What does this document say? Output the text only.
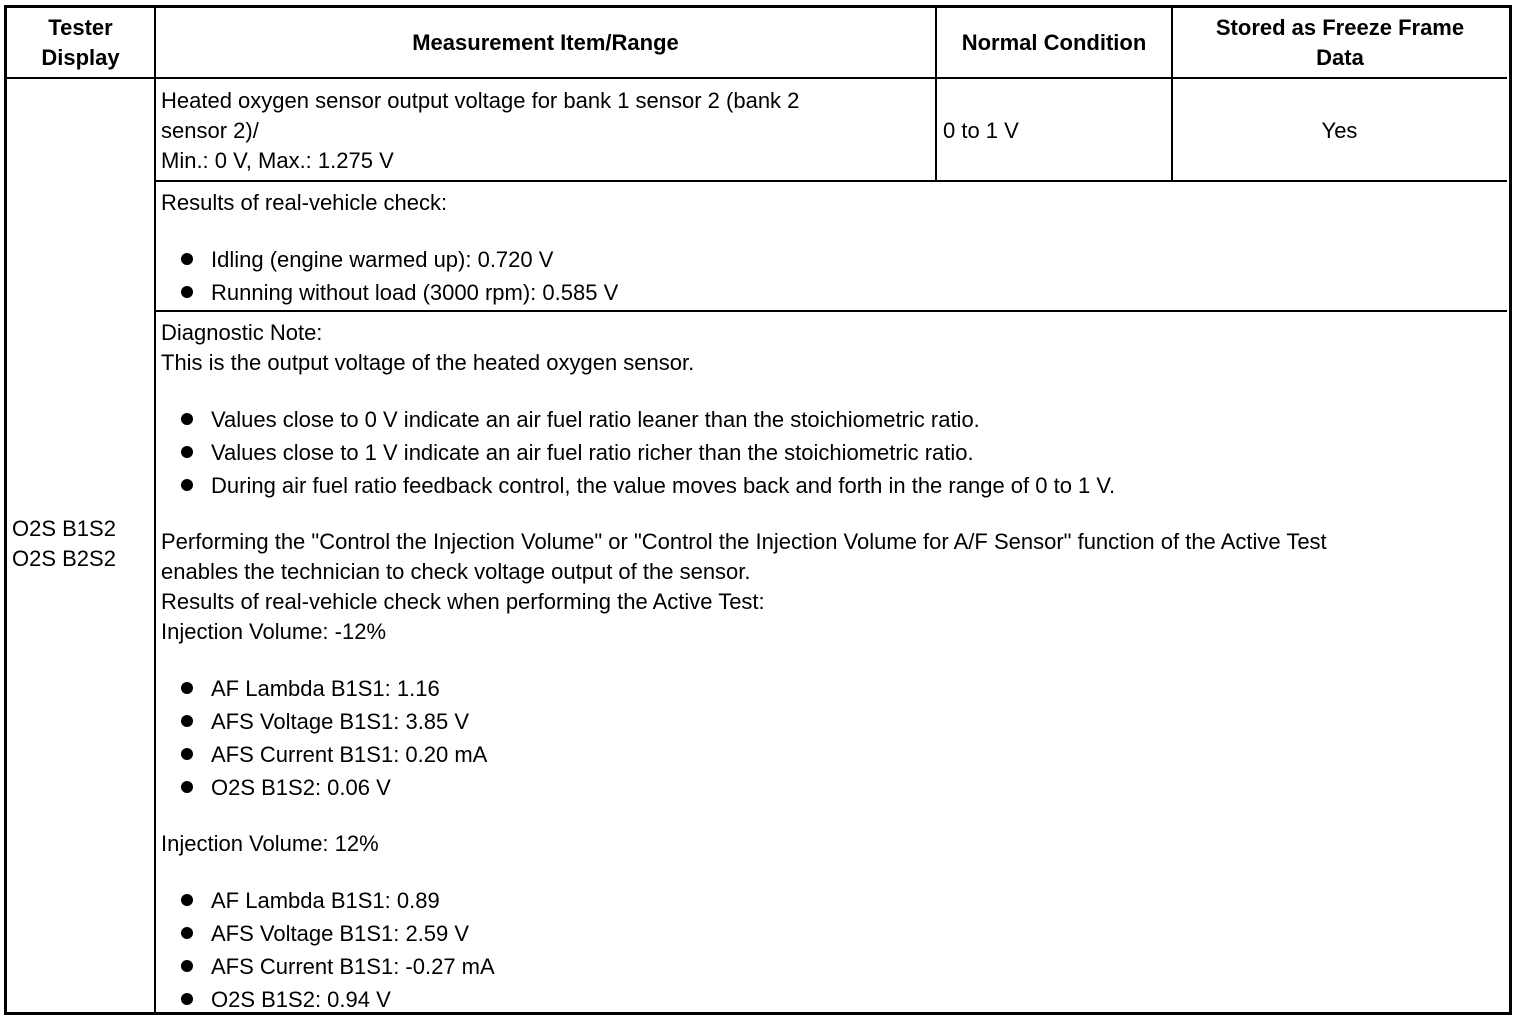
Tester Display
Measurement Item/Range	Normal Condition
Stored as Freeze Frame Data
O2S B1S2
O2S B2S2
Heated oxygen sensor output voltage for bank 1 sensor 2 (bank 2
sensor 2)/
Min.: 0 V, Max.: 1.275 V
0 to 1 V	Yes
Results of real-vehicle check:
Idling (engine warmed up): 0.720 V
Running without load (3000 rpm): 0.585 V
Diagnostic Note:
This is the output voltage of the heated oxygen sensor.
Values close to 0 V indicate an air fuel ratio leaner than the stoichiometric ratio.
Values close to 1 V indicate an air fuel ratio richer than the stoichiometric ratio.
During air fuel ratio feedback control, the value moves back and forth in the range of 0 to 1 V.
Performing the "Control the Injection Volume" or "Control the Injection Volume for A/F Sensor" function of the Active Test
enables the technician to check voltage output of the sensor.
Results of real-vehicle check when performing the Active Test:
Injection Volume: -12%
AF Lambda B1S1: 1.16
AFS Voltage B1S1: 3.85 V
AFS Current B1S1: 0.20 mA
O2S B1S2: 0.06 V
Injection Volume: 12%
AF Lambda B1S1: 0.89
AFS Voltage B1S1: 2.59 V
AFS Current B1S1: -0.27 mA
O2S B1S2: 0.94 V
